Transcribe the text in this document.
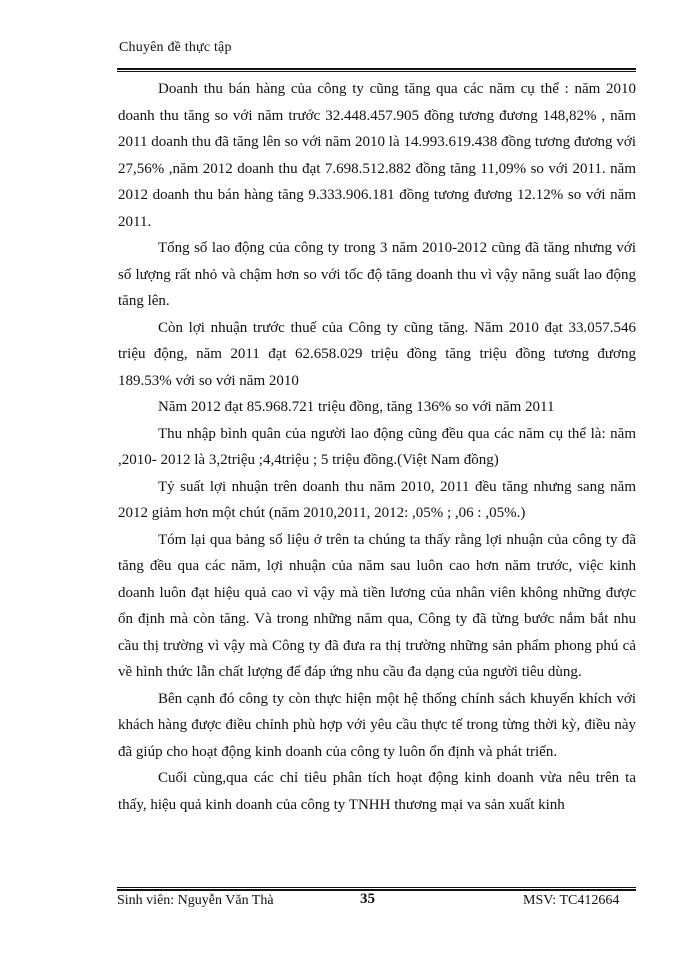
Chuyên đề thực tập

Doanh thu bán hàng của công ty cũng tăng qua các năm cụ thể : năm 2010 doanh thu tăng so với năm trước 32.448.457.905 đồng tương đương 148,82% , năm 2011 doanh thu đã tăng lên so với năm 2010 là 14.993.619.438 đồng tương đương với 27,56% ,năm 2012 doanh thu đạt 7.698.512.882 đồng tăng 11,09% so với 2011. năm 2012 doanh thu bán hàng tăng 9.333.906.181 đồng tương đương 12.12% so với năm 2011.

Tổng số lao động của công ty trong 3 năm 2010-2012 cũng đã tăng nhưng với số lượng rất nhỏ và chậm hơn so với tốc độ tăng doanh thu vì vậy năng suất lao động tăng lên.

Còn lợi nhuận trước thuế của Công ty cũng tăng. Năm 2010 đạt 33.057.546 triệu động, năm 2011 đạt 62.658.029 triệu đồng tăng triệu đồng tương đương 189.53% với so với năm 2010

Năm 2012 đạt 85.968.721 triệu đồng, tăng 136% so với năm 2011

Thu nhập bình quân của người lao động cũng đều qua các năm cụ thể là: năm ,2010- 2012 là 3,2triệu ;4,4triệu ; 5 triệu đồng.(Việt Nam đồng)

Tỷ suất lợi nhuận trên doanh thu năm 2010, 2011 đều tăng nhưng sang năm 2012 giảm hơn một chút (năm 2010,2011, 2012: ,05% ; ,06 : ,05%.)

Tóm lại qua bảng số liệu ở trên ta chúng ta thấy rằng lợi nhuận của công ty đã tăng đều qua các năm, lợi nhuận của năm sau luôn cao hơn năm trước, việc kinh doanh luôn đạt hiệu quả cao vì vậy mà tiền lương của nhân viên không những được ổn định mà còn tăng. Và trong những năm qua, Công ty đã từng bước nắm bắt nhu cầu thị trường vì vậy mà Công ty đã đưa ra thị trường những sản phẩm phong phú cả về hình thức lẫn chất lượng để đáp ứng nhu cầu đa dạng của người tiêu dùng.

Bên cạnh đó công ty còn thực hiện một hệ thống chính sách khuyến khích với khách hàng được điều chỉnh phù hợp với yêu cầu thực tế trong từng thời kỳ, điều này đã giúp cho hoạt động kinh doanh của công ty luôn ổn định và phát triển.

Cuối cùng,qua các chỉ tiêu phân tích hoạt động kinh doanh vừa nêu trên ta thấy, hiệu quả kinh doanh của công ty TNHH thương mại va sản xuất kinh

Sinh viên: Nguyễn Văn Thà	35	MSV: TC412664
